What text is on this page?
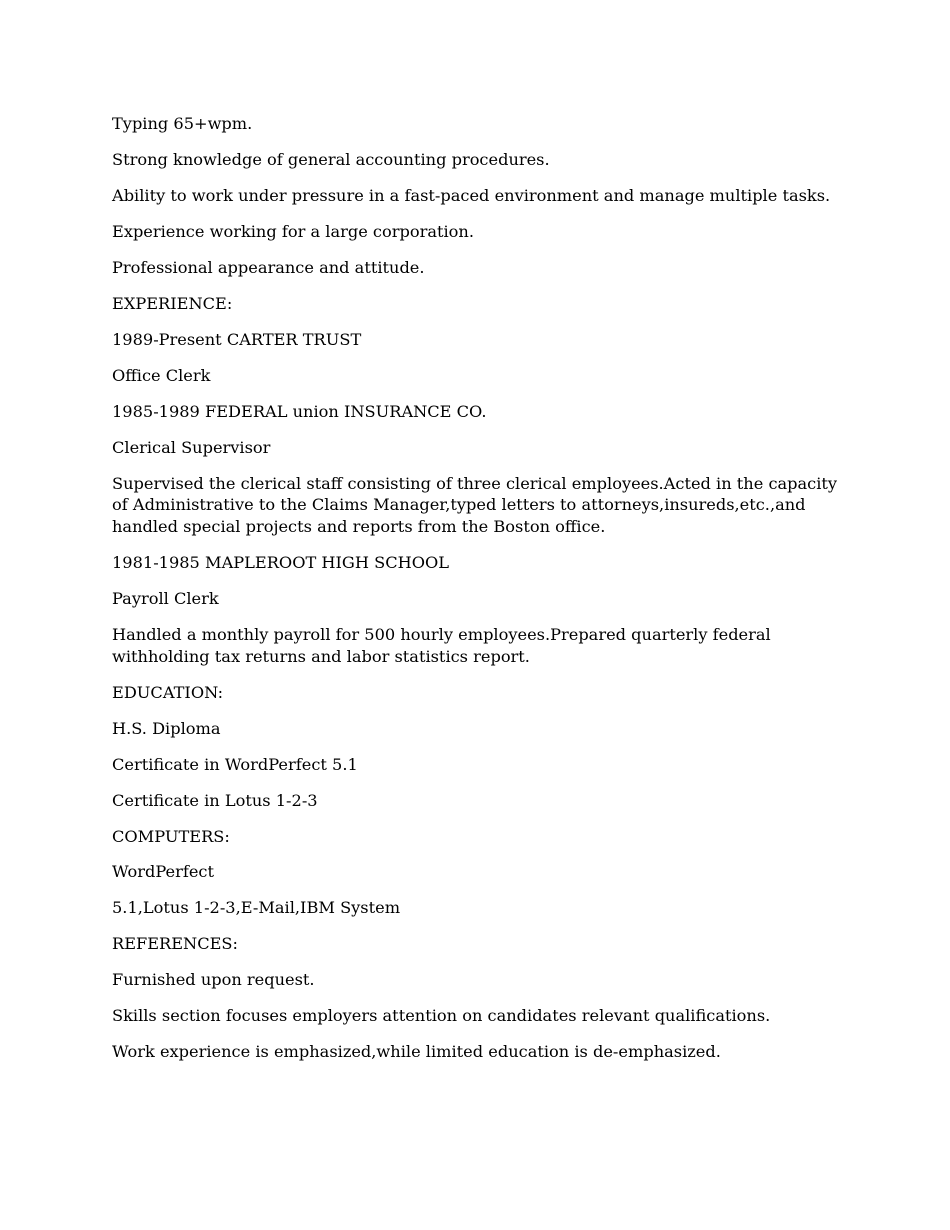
Typing 65+wpm.

Strong knowledge of general accounting procedures.

Ability to work under pressure in a fast-paced environment and manage multiple tasks.

Experience working for a large corporation.

Professional appearance and attitude.

EXPERIENCE:

1989-Present CARTER TRUST

Office Clerk

1985-1989 FEDERAL union INSURANCE CO.

Clerical Supervisor

Supervised the clerical staff consisting of three clerical employees.Acted in the capacity of Administrative to the Claims Manager,typed letters to attorneys,insureds,etc.,and handled special projects and reports from the Boston office.

1981-1985 MAPLEROOT HIGH SCHOOL

Payroll Clerk

Handled a monthly payroll for 500 hourly employees.Prepared quarterly federal withholding tax returns and labor statistics report.

EDUCATION:

H.S. Diploma

Certificate in WordPerfect 5.1

Certificate in Lotus 1-2-3

COMPUTERS:

WordPerfect

5.1,Lotus 1-2-3,E-Mail,IBM System

REFERENCES:

Furnished upon request.

Skills section focuses employers attention on candidates relevant qualifications.

Work experience is emphasized,while limited education is de-emphasized.
